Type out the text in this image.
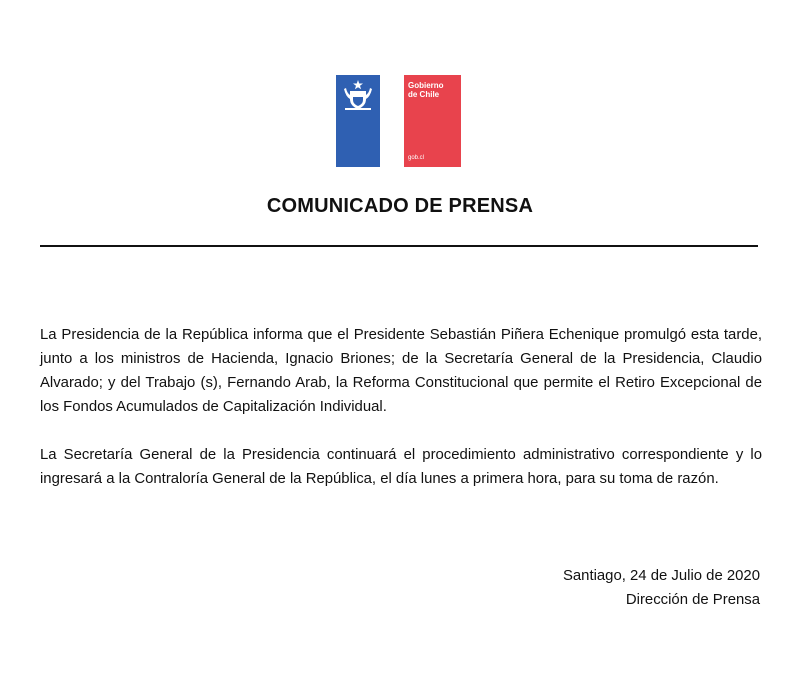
Gobierno
de Chile
gob.cl
COMUNICADO DE PRENSA

La Presidencia de la República informa que el Presidente Sebastián Piñera Echenique promulgó esta tarde, junto a los ministros de Hacienda, Ignacio Briones; de la Secretaría General de la Presidencia, Claudio Alvarado; y del Trabajo (s), Fernando Arab, la Reforma Constitucional que permite el Retiro Excepcional de los Fondos Acumulados de Capitalización Individual.

La Secretaría General de la Presidencia continuará el procedimiento administrativo correspondiente y lo ingresará a la Contraloría General de la República, el día lunes a primera hora, para su toma de razón.

Santiago, 24 de Julio de 2020
Dirección de Prensa
